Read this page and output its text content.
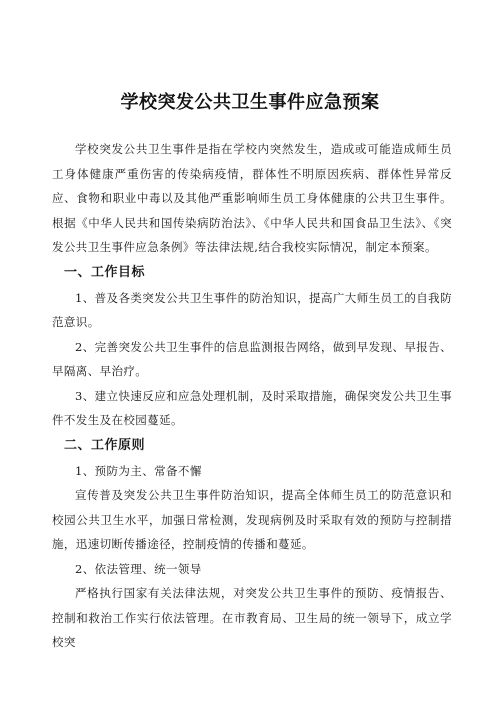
学校突发公共卫生事件应急预案

学校突发公共卫生事件是指在学校内突然发生，造成或可能造成师生员工身体健康严重伤害的传染病疫情，群体性不明原因疾病、群体性异常反应、食物和职业中毒以及其他严重影响师生员工身体健康的公共卫生事件。根据《中华人民共和国传染病防治法》、《中华人民共和国食品卫生法》、《突发公共卫生事件应急条例》等法律法规,结合我校实际情况，制定本预案。

一、工作目标

1、普及各类突发公共卫生事件的防治知识，提高广大师生员工的自我防范意识。

2、完善突发公共卫生事件的信息监测报告网络，做到早发现、早报告、早隔离、早治疗。

3、建立快速反应和应急处理机制，及时采取措施，确保突发公共卫生事件不发生及在校园蔓延。

二、工作原则

1、预防为主、常备不懈

宣传普及突发公共卫生事件防治知识，提高全体师生员工的防范意识和校园公共卫生水平，加强日常检测，发现病例及时采取有效的预防与控制措施，迅速切断传播途径，控制疫情的传播和蔓延。

2、依法管理、统一领导

严格执行国家有关法律法规，对突发公共卫生事件的预防、疫情报告、控制和救治工作实行依法管理。在市教育局、卫生局的统一领导下，成立学校突
